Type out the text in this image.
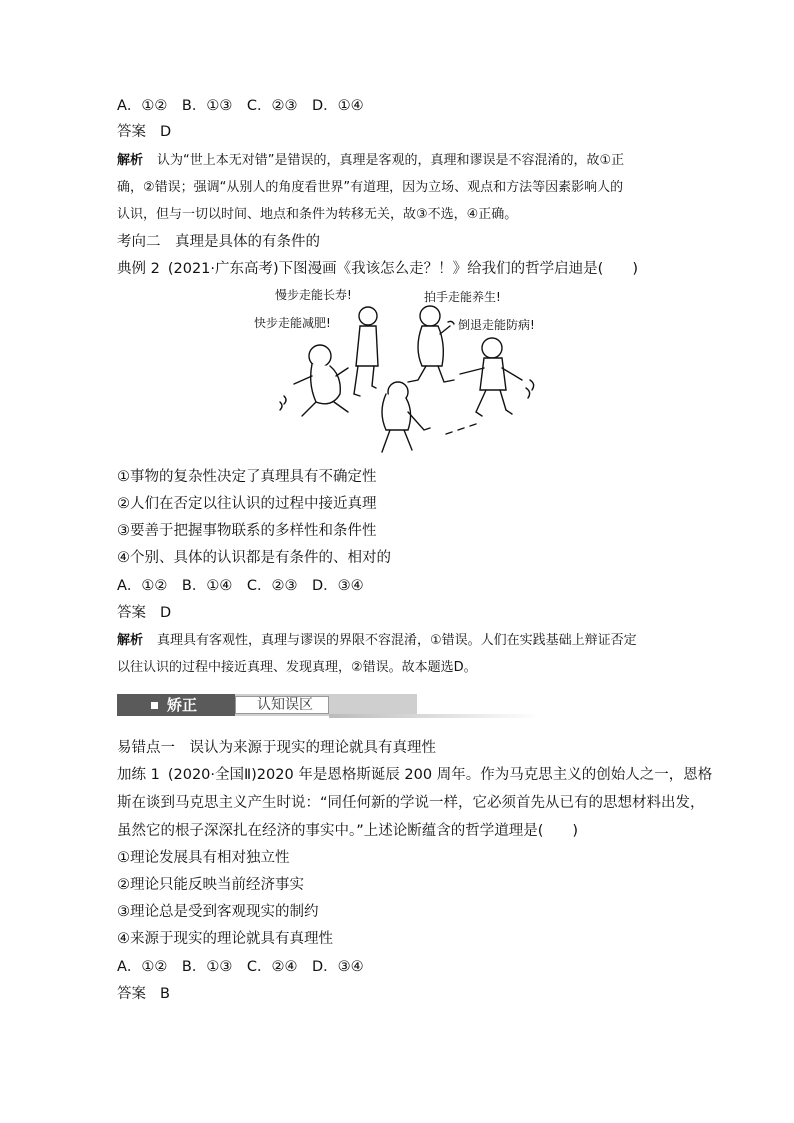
A．①②　B．①③　C．②③　D．①④
答案 D
解析 认为“世上本无对错”是错误的，真理是客观的，真理和谬误是不容混淆的，故①正
确，②错误；强调“从别人的角度看世界”有道理，因为立场、观点和方法等因素影响人的
认识，但与一切以时间、地点和条件为转移无关，故③不选，④正确。
考向二　真理是具体的有条件的
典例 2 (2021·广东高考)下图漫画《我该怎么走？！》给我们的哲学启迪是(　　)
慢步走能长寿!	拍手走能养生!
快步走能减肥!	倒退走能防病!
①事物的复杂性决定了真理具有不确定性
②人们在否定以往认识的过程中接近真理
③要善于把握事物联系的多样性和条件性
④个别、具体的认识都是有条件的、相对的
A．①②　B．①④　C．②③　D．③④
答案 D
解析 真理具有客观性，真理与谬误的界限不容混淆，①错误。人们在实践基础上辩证否定
以往认识的过程中接近真理、发现真理，②错误。故本题选D。
矫正	认知误区
易错点一　误认为来源于现实的理论就具有真理性
加练 1 (2020·全国Ⅱ)2020 年是恩格斯诞辰 200 周年。作为马克思主义的创始人之一，恩格
斯在谈到马克思主义产生时说：“同任何新的学说一样，它必须首先从已有的思想材料出发，
虽然它的根子深深扎在经济的事实中。”上述论断蕴含的哲学道理是(　　)
①理论发展具有相对独立性
②理论只能反映当前经济事实
③理论总是受到客观现实的制约
④来源于现实的理论就具有真理性
A．①②　B．①③　C．②④　D．③④
答案 B
